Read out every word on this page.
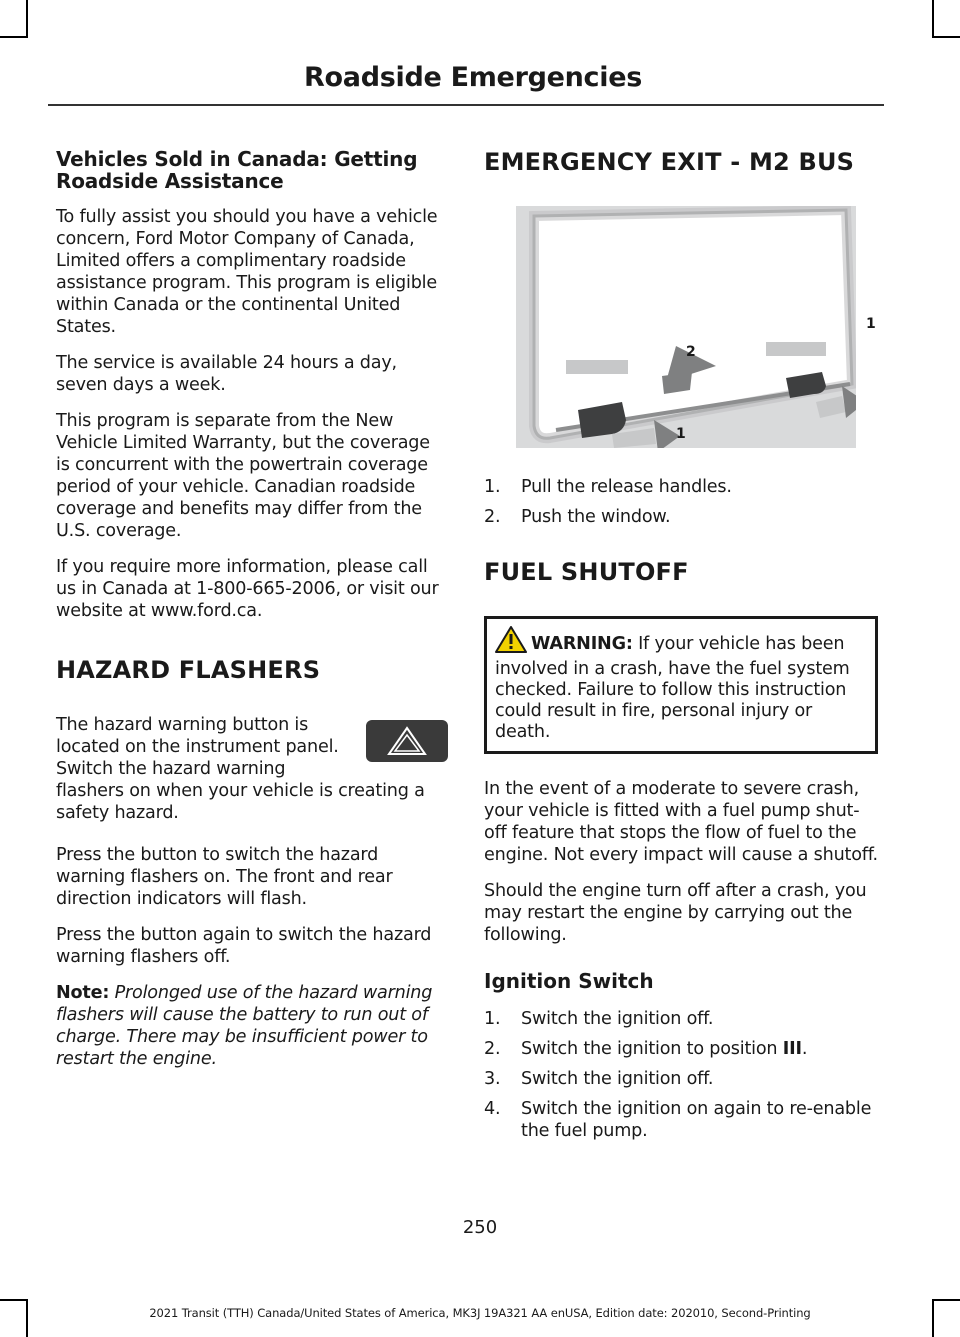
Roadside Emergencies
Vehicles Sold in Canada: Getting Roadside Assistance

To fully assist you should you have a vehicle concern, Ford Motor Company of Canada, Limited offers a complimentary roadside assistance program. This program is eligible within Canada or the continental United States.

The service is available 24 hours a day, seven days a week.

This program is separate from the New Vehicle Limited Warranty, but the coverage is concurrent with the powertrain coverage period of your vehicle. Canadian roadside coverage and benefits may differ from the U.S. coverage.

If you require more information, please call us in Canada at 1-800-665-2006, or visit our website at www.ford.ca.

HAZARD FLASHERS

The hazard warning button is located on the instrument panel. Switch the hazard warning flashers on when your vehicle is creating a safety hazard.

Press the button to switch the hazard warning flashers on. The front and rear direction indicators will flash.

Press the button again to switch the hazard warning flashers off.

Note: Prolonged use of the hazard warning flashers will cause the battery to run out of charge. There may be insufficient power to restart the engine.

EMERGENCY EXIT - M2 BUS
2
1
1
1. Pull the release handles.
2. Push the window.
FUEL SHUTOFF
WARNING: If your vehicle has been involved in a crash, have the fuel system checked. Failure to follow this instruction could result in fire, personal injury or death.

In the event of a moderate to severe crash, your vehicle is fitted with a fuel pump shut-off feature that stops the flow of fuel to the engine. Not every impact will cause a shutoff.

Should the engine turn off after a crash, you may restart the engine by carrying out the following.

Ignition Switch
1. Switch the ignition off.
2. Switch the ignition to position III.
3. Switch the ignition off.
4. Switch the ignition on again to re-enable the fuel pump.
250
2021 Transit (TTH) Canada/United States of America, MK3J 19A321 AA enUSA, Edition date: 202010, Second-Printing
